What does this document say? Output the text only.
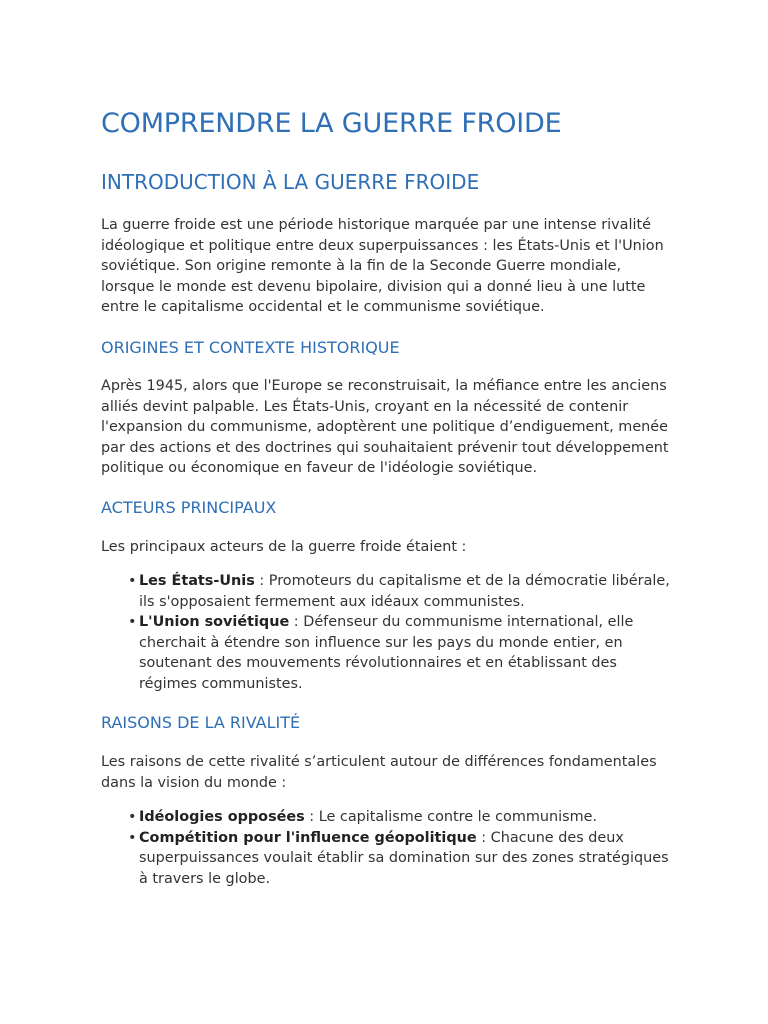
COMPRENDRE LA GUERRE FROIDE
INTRODUCTION À LA GUERRE FROIDE

La guerre froide est une période historique marquée par une intense rivalité idéologique et politique entre deux superpuissances : les États-Unis et l'Union soviétique. Son origine remonte à la fin de la Seconde Guerre mondiale, lorsque le monde est devenu bipolaire, division qui a donné lieu à une lutte entre le capitalisme occidental et le communisme soviétique.

ORIGINES ET CONTEXTE HISTORIQUE

Après 1945, alors que l'Europe se reconstruisait, la méfiance entre les anciens alliés devint palpable. Les États-Unis, croyant en la nécessité de contenir l'expansion du communisme, adoptèrent une politique d’endiguement, menée par des actions et des doctrines qui souhaitaient prévenir tout développement politique ou économique en faveur de l'idéologie soviétique.

ACTEURS PRINCIPAUX

Les principaux acteurs de la guerre froide étaient :

• Les États-Unis : Promoteurs du capitalisme et de la démocratie libérale, ils s'opposaient fermement aux idéaux communistes.
• L'Union soviétique : Défenseur du communisme international, elle cherchait à étendre son influence sur les pays du monde entier, en soutenant des mouvements révolutionnaires et en établissant des régimes communistes.
RAISONS DE LA RIVALITÉ

Les raisons de cette rivalité s’articulent autour de différences fondamentales dans la vision du monde :

• Idéologies opposées : Le capitalisme contre le communisme.
• Compétition pour l'influence géopolitique : Chacune des deux superpuissances voulait établir sa domination sur des zones stratégiques à travers le globe.
